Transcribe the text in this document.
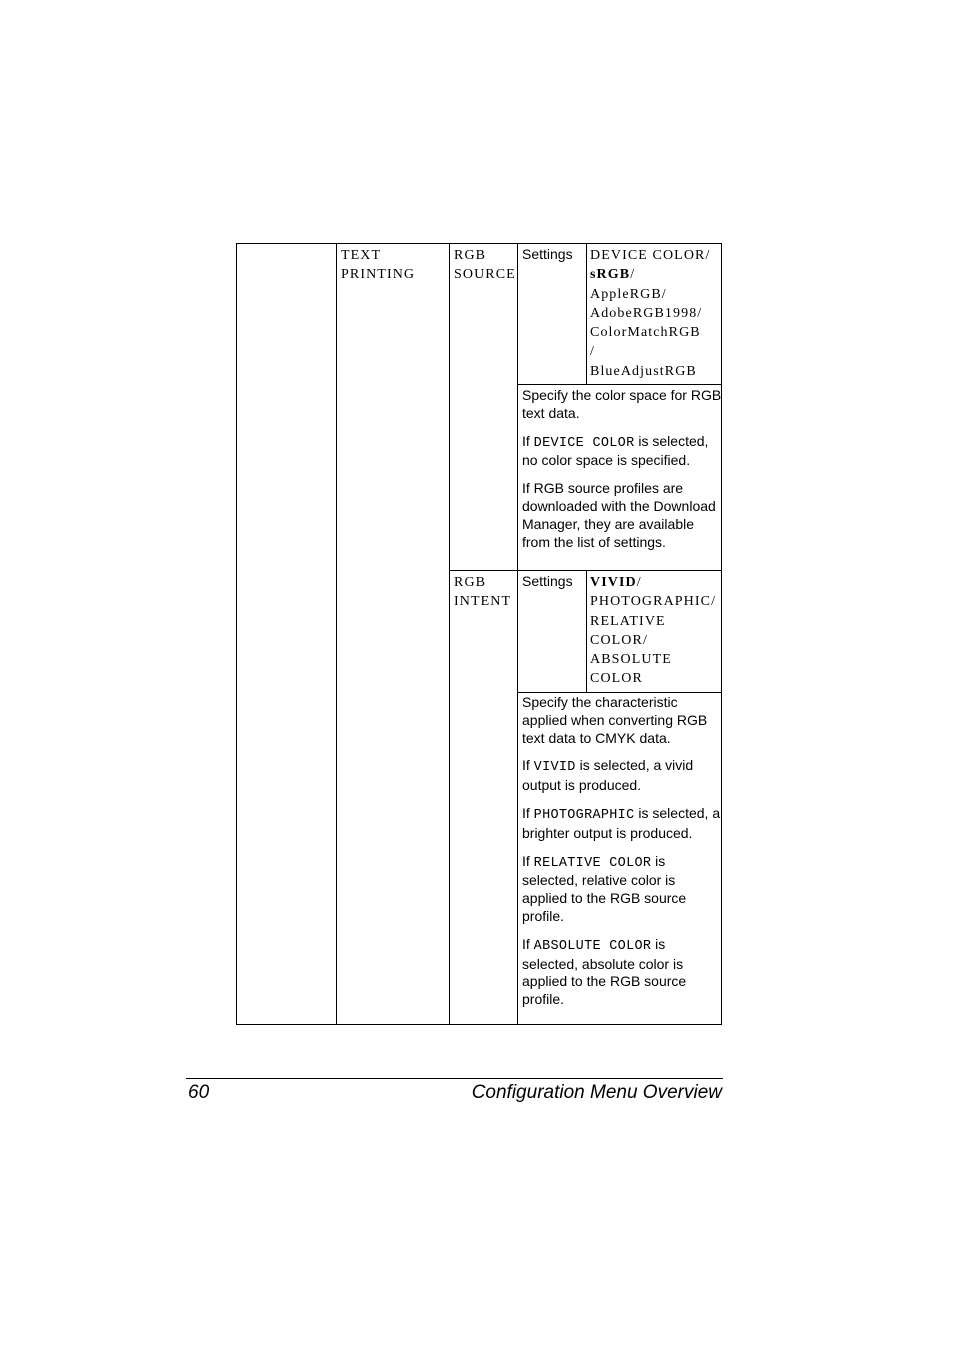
TEXT
PRINTING
RGB
SOURCE
Settings DEVICE COLOR/
sRGB/
AppleRGB/
AdobeRGB1998/
ColorMatchRGB
/
BlueAdjustRGB

Specify the color space for RGB text data.

If DEVICE COLOR is selected, no color space is specified.

If RGB source profiles are downloaded with the Download Manager, they are available from the list of settings.

RGB
INTENT
Settings VIVID/
PHOTOGRAPHIC/
RELATIVE
COLOR/
ABSOLUTE
COLOR

Specify the characteristic applied when converting RGB text data to CMYK data.

If VIVID is selected, a vivid output is produced.

If PHOTOGRAPHIC is selected, a brighter output is produced.

If RELATIVE COLOR is selected, relative color is applied to the RGB source profile.

If ABSOLUTE COLOR is selected, absolute color is applied to the RGB source profile.

60	Configuration Menu Overview
